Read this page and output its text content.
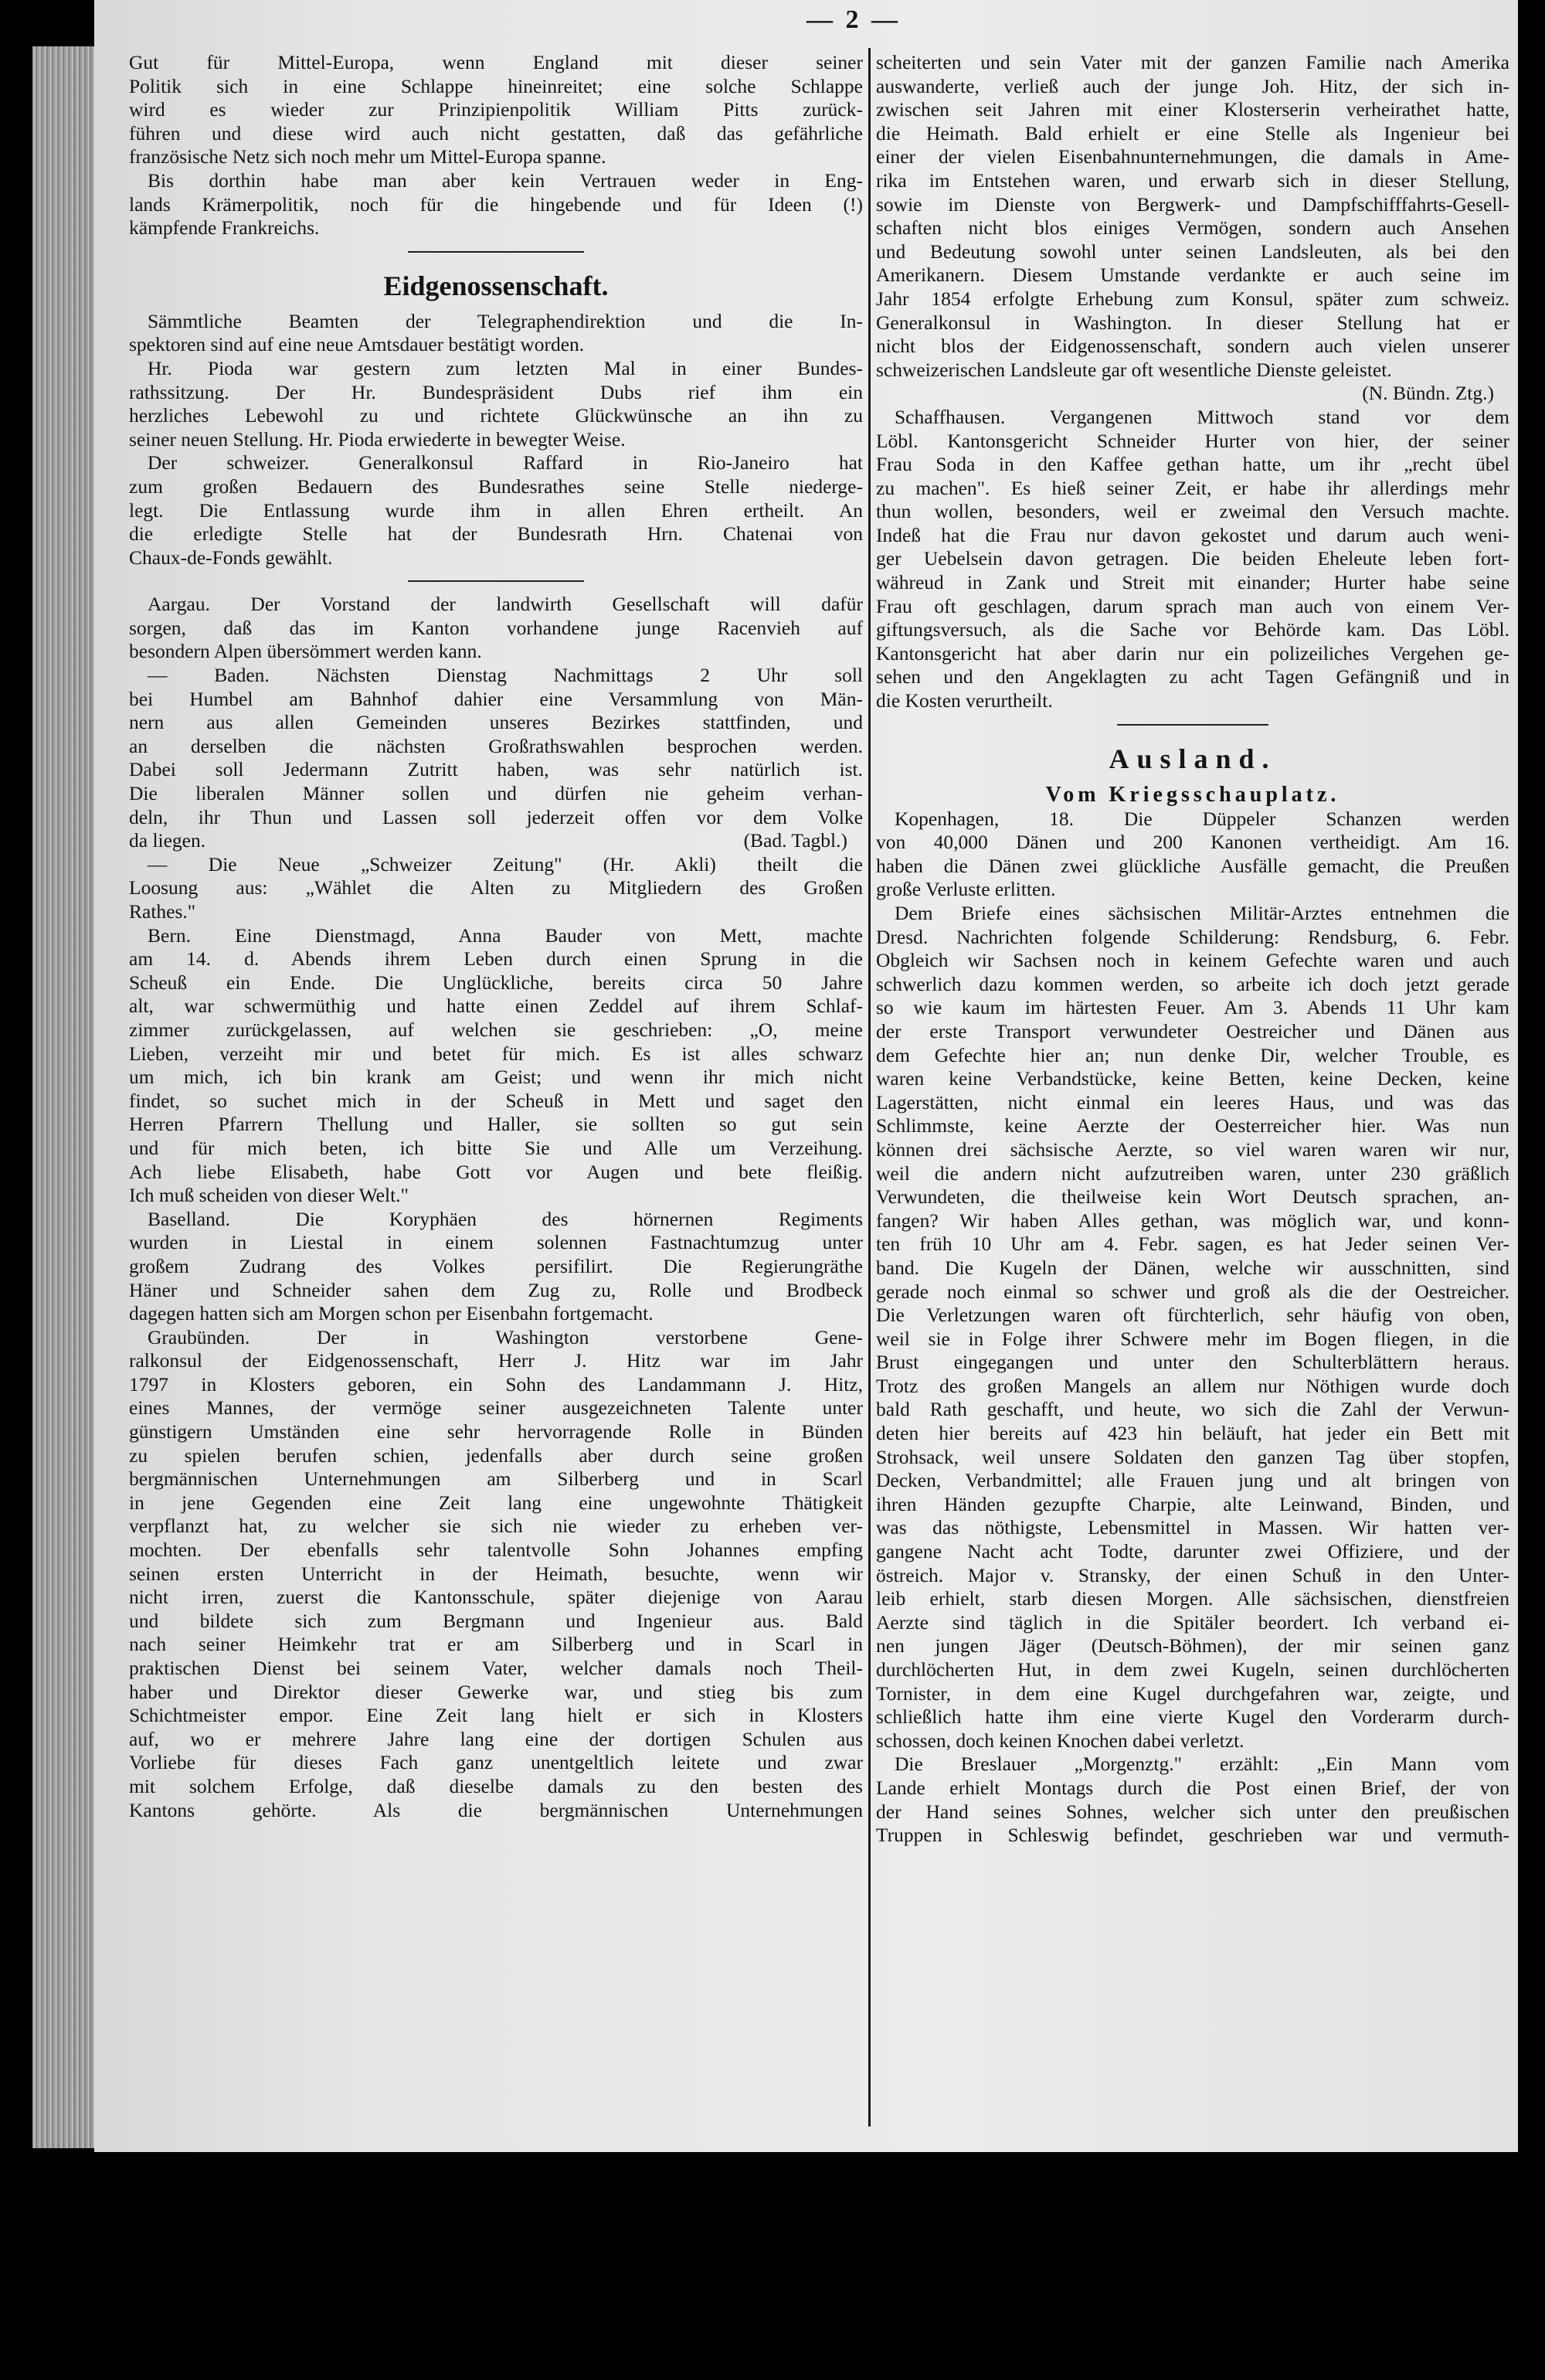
— 2 —
Gut für Mittel-Europa, wenn England mit dieser seiner
Politik sich in eine Schlappe hineinreitet; eine solche Schlappe
wird es wieder zur Prinzipienpolitik William Pitts zurück-
führen und diese wird auch nicht gestatten, daß das gefährliche
französische Netz sich noch mehr um Mittel-Europa spanne.
Bis dorthin habe man aber kein Vertrauen weder in Eng-
lands Krämerpolitik, noch für die hingebende und für Ideen (!)
kämpfende Frankreichs.
Eidgenossenschaft.
Sämmtliche Beamten der Telegraphendirektion und die In-
spektoren sind auf eine neue Amtsdauer bestätigt worden.
Hr. Pioda war gestern zum letzten Mal in einer Bundes-
rathssitzung. Der Hr. Bundespräsident Dubs rief ihm ein
herzliches Lebewohl zu und richtete Glückwünsche an ihn zu
seiner neuen Stellung. Hr. Pioda erwiederte in bewegter Weise.
Der schweizer. Generalkonsul Raffard in Rio-Janeiro hat
zum großen Bedauern des Bundesrathes seine Stelle niederge-
legt. Die Entlassung wurde ihm in allen Ehren ertheilt. An
die erledigte Stelle hat der Bundesrath Hrn. Chatenai von
Chaux-de-Fonds gewählt.
Aargau. Der Vorstand der landwirth Gesellschaft will dafür
sorgen, daß das im Kanton vorhandene junge Racenvieh auf
besondern Alpen übersömmert werden kann.
— Baden. Nächsten Dienstag Nachmittags 2 Uhr soll
bei Humbel am Bahnhof dahier eine Versammlung von Män-
nern aus allen Gemeinden unseres Bezirkes stattfinden, und
an derselben die nächsten Großrathswahlen besprochen werden.
Dabei soll Jedermann Zutritt haben, was sehr natürlich ist.
Die liberalen Männer sollen und dürfen nie geheim verhan-
deln, ihr Thun und Lassen soll jederzeit offen vor dem Volke
da liegen.	(Bad. Tagbl.)
— Die Neue „Schweizer Zeitung" (Hr. Akli) theilt die
Loosung aus: „Wählet die Alten zu Mitgliedern des Großen
Rathes."
Bern. Eine Dienstmagd, Anna Bauder von Mett, machte
am 14. d. Abends ihrem Leben durch einen Sprung in die
Scheuß ein Ende. Die Unglückliche, bereits circa 50 Jahre
alt, war schwermüthig und hatte einen Zeddel auf ihrem Schlaf-
zimmer zurückgelassen, auf welchen sie geschrieben: „O, meine
Lieben, verzeiht mir und betet für mich. Es ist alles schwarz
um mich, ich bin krank am Geist; und wenn ihr mich nicht
findet, so suchet mich in der Scheuß in Mett und saget den
Herren Pfarrern Thellung und Haller, sie sollten so gut sein
und für mich beten, ich bitte Sie und Alle um Verzeihung.
Ach liebe Elisabeth, habe Gott vor Augen und bete fleißig.
Ich muß scheiden von dieser Welt."
Baselland. Die Koryphäen des hörnernen Regiments
wurden in Liestal in einem solennen Fastnachtumzug unter
großem Zudrang des Volkes persifilirt. Die Regierungräthe
Häner und Schneider sahen dem Zug zu, Rolle und Brodbeck
dagegen hatten sich am Morgen schon per Eisenbahn fortgemacht.
Graubünden. Der in Washington verstorbene Gene-
ralkonsul der Eidgenossenschaft, Herr J. Hitz war im Jahr
1797 in Klosters geboren, ein Sohn des Landammann J. Hitz,
eines Mannes, der vermöge seiner ausgezeichneten Talente unter
günstigern Umständen eine sehr hervorragende Rolle in Bünden
zu spielen berufen schien, jedenfalls aber durch seine großen
bergmännischen Unternehmungen am Silberberg und in Scarl
in jene Gegenden eine Zeit lang eine ungewohnte Thätigkeit
verpflanzt hat, zu welcher sie sich nie wieder zu erheben ver-
mochten. Der ebenfalls sehr talentvolle Sohn Johannes empfing
seinen ersten Unterricht in der Heimath, besuchte, wenn wir
nicht irren, zuerst die Kantonsschule, später diejenige von Aarau
und bildete sich zum Bergmann und Ingenieur aus. Bald
nach seiner Heimkehr trat er am Silberberg und in Scarl in
praktischen Dienst bei seinem Vater, welcher damals noch Theil-
haber und Direktor dieser Gewerke war, und stieg bis zum
Schichtmeister empor. Eine Zeit lang hielt er sich in Klosters
auf, wo er mehrere Jahre lang eine der dortigen Schulen aus
Vorliebe für dieses Fach ganz unentgeltlich leitete und zwar
mit solchem Erfolge, daß dieselbe damals zu den besten des
Kantons gehörte. Als die bergmännischen Unternehmungen
scheiterten und sein Vater mit der ganzen Familie nach Amerika
auswanderte, verließ auch der junge Joh. Hitz, der sich in-
zwischen seit Jahren mit einer Klosterserin verheirathet hatte,
die Heimath. Bald erhielt er eine Stelle als Ingenieur bei
einer der vielen Eisenbahnunternehmungen, die damals in Ame-
rika im Entstehen waren, und erwarb sich in dieser Stellung,
sowie im Dienste von Bergwerk- und Dampfschifffahrts-Gesell-
schaften nicht blos einiges Vermögen, sondern auch Ansehen
und Bedeutung sowohl unter seinen Landsleuten, als bei den
Amerikanern. Diesem Umstande verdankte er auch seine im
Jahr 1854 erfolgte Erhebung zum Konsul, später zum schweiz.
Generalkonsul in Washington. In dieser Stellung hat er
nicht blos der Eidgenossenschaft, sondern auch vielen unserer
schweizerischen Landsleute gar oft wesentliche Dienste geleistet.
(N. Bündn. Ztg.)
Schaffhausen. Vergangenen Mittwoch stand vor dem
Löbl. Kantonsgericht Schneider Hurter von hier, der seiner
Frau Soda in den Kaffee gethan hatte, um ihr „recht übel
zu machen". Es hieß seiner Zeit, er habe ihr allerdings mehr
thun wollen, besonders, weil er zweimal den Versuch machte.
Indeß hat die Frau nur davon gekostet und darum auch weni-
ger Uebelsein davon getragen. Die beiden Eheleute leben fort-
währeud in Zank und Streit mit einander; Hurter habe seine
Frau oft geschlagen, darum sprach man auch von einem Ver-
giftungsversuch, als die Sache vor Behörde kam. Das Löbl.
Kantonsgericht hat aber darin nur ein polizeiliches Vergehen ge-
sehen und den Angeklagten zu acht Tagen Gefängniß und in
die Kosten verurtheilt.
Ausland.
Vom Kriegsschauplatz.
Kopenhagen, 18. Die Düppeler Schanzen werden
von 40,000 Dänen und 200 Kanonen vertheidigt. Am 16.
haben die Dänen zwei glückliche Ausfälle gemacht, die Preußen
große Verluste erlitten.
Dem Briefe eines sächsischen Militär-Arztes entnehmen die
Dresd. Nachrichten folgende Schilderung: Rendsburg, 6. Febr.
Obgleich wir Sachsen noch in keinem Gefechte waren und auch
schwerlich dazu kommen werden, so arbeite ich doch jetzt gerade
so wie kaum im härtesten Feuer. Am 3. Abends 11 Uhr kam
der erste Transport verwundeter Oestreicher und Dänen aus
dem Gefechte hier an; nun denke Dir, welcher Trouble, es
waren keine Verbandstücke, keine Betten, keine Decken, keine
Lagerstätten, nicht einmal ein leeres Haus, und was das
Schlimmste, keine Aerzte der Oesterreicher hier. Was nun
können drei sächsische Aerzte, so viel waren waren wir nur,
weil die andern nicht aufzutreiben waren, unter 230 gräßlich
Verwundeten, die theilweise kein Wort Deutsch sprachen, an-
fangen? Wir haben Alles gethan, was möglich war, und konn-
ten früh 10 Uhr am 4. Febr. sagen, es hat Jeder seinen Ver-
band. Die Kugeln der Dänen, welche wir ausschnitten, sind
gerade noch einmal so schwer und groß als die der Oestreicher.
Die Verletzungen waren oft fürchterlich, sehr häufig von oben,
weil sie in Folge ihrer Schwere mehr im Bogen fliegen, in die
Brust eingegangen und unter den Schulterblättern heraus.
Trotz des großen Mangels an allem nur Nöthigen wurde doch
bald Rath geschafft, und heute, wo sich die Zahl der Verwun-
deten hier bereits auf 423 hin beläuft, hat jeder ein Bett mit
Strohsack, weil unsere Soldaten den ganzen Tag über stopfen,
Decken, Verbandmittel; alle Frauen jung und alt bringen von
ihren Händen gezupfte Charpie, alte Leinwand, Binden, und
was das nöthigste, Lebensmittel in Massen. Wir hatten ver-
gangene Nacht acht Todte, darunter zwei Offiziere, und der
östreich. Major v. Stransky, der einen Schuß in den Unter-
leib erhielt, starb diesen Morgen. Alle sächsischen, dienstfreien
Aerzte sind täglich in die Spitäler beordert. Ich verband ei-
nen jungen Jäger (Deutsch-Böhmen), der mir seinen ganz
durchlöcherten Hut, in dem zwei Kugeln, seinen durchlöcherten
Tornister, in dem eine Kugel durchgefahren war, zeigte, und
schließlich hatte ihm eine vierte Kugel den Vorderarm durch-
schossen, doch keinen Knochen dabei verletzt.
Die Breslauer „Morgenztg." erzählt: „Ein Mann vom
Lande erhielt Montags durch die Post einen Brief, der von
der Hand seines Sohnes, welcher sich unter den preußischen
Truppen in Schleswig befindet, geschrieben war und vermuth-
